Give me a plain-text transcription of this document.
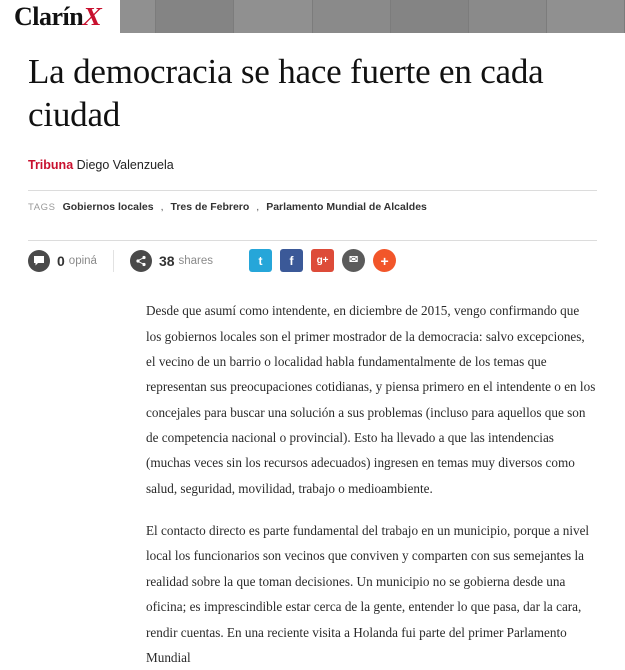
ClarínX
La democracia se hace fuerte en cada ciudad
Tribuna Diego Valenzuela
TAGS Gobiernos locales , Tres de Febrero , Parlamento Mundial de Alcaldes
0 opiná	38 shares	t	f	g+	✉	+

Desde que asumí como intendente, en diciembre de 2015, vengo confirmando que los gobiernos locales son el primer mostrador de la democracia: salvo excepciones, el vecino de un barrio o localidad habla fundamentalmente de los temas que representan sus preocupaciones cotidianas, y piensa primero en el intendente o en los concejales para buscar una solución a sus problemas (incluso para aquellos que son de competencia nacional o provincial). Esto ha llevado a que las intendencias (muchas veces sin los recursos adecuados) ingresen en temas muy diversos como salud, seguridad, movilidad, trabajo o medioambiente.

El contacto directo es parte fundamental del trabajo en un municipio, porque a nivel local los funcionarios son vecinos que conviven y comparten con sus semejantes la realidad sobre la que toman decisiones. Un municipio no se gobierna desde una oficina; es imprescindible estar cerca de la gente, entender lo que pasa, dar la cara, rendir cuentas. En una reciente visita a Holanda fui parte del primer Parlamento Mundial
